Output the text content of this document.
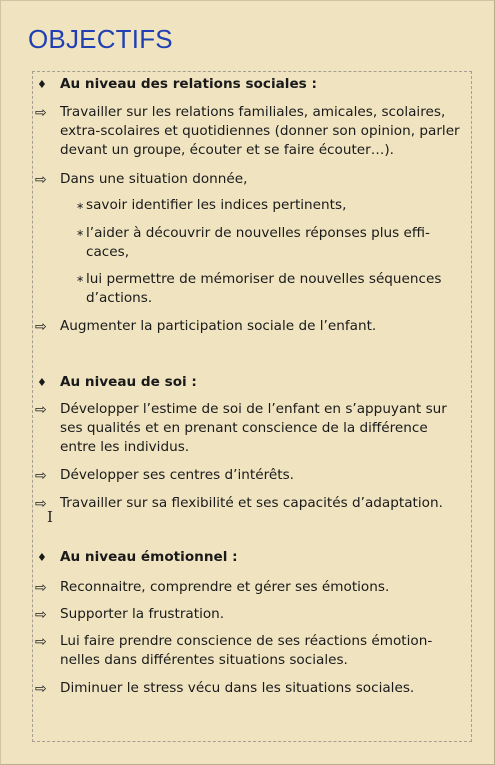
OBJECTIFS
♦ Au niveau des relations sociales :
⇨ Travailler sur les relations familiales, amicales, scolaires,
extra-scolaires et quotidiennes (donner son opinion, parler
devant un groupe, écouter et se faire écouter…).
⇨ Dans une situation donnée,
∗ savoir identifier les indices pertinents,
∗ l’aider à découvrir de nouvelles réponses plus effi-
caces,
∗ lui permettre de mémoriser de nouvelles séquences
d’actions.
⇨ Augmenter la participation sociale de l’enfant.
♦ Au niveau de soi :
⇨ Développer l’estime de soi de l’enfant en s’appuyant sur
ses qualités et en prenant conscience de la différence
entre les individus.
⇨ Développer ses centres d’intérêts.
⇨ Travailler sur sa flexibilité et ses capacités d’adaptation.
I
♦ Au niveau émotionnel :
⇨ Reconnaitre, comprendre et gérer ses émotions.
⇨ Supporter la frustration.
⇨ Lui faire prendre conscience de ses réactions émotion-
nelles dans différentes situations sociales.
⇨ Diminuer le stress vécu dans les situations sociales.
